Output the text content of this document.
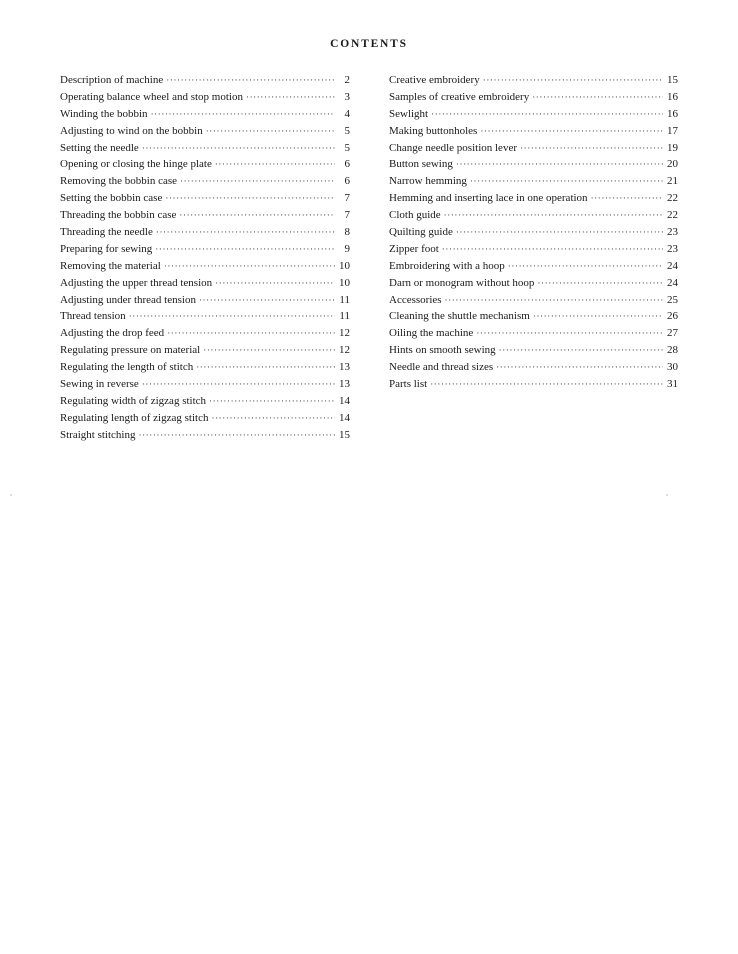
CONTENTS
Description of machine ·····	2
Operating balance wheel and stop motion ·····	3
Winding the bobbin ·····	4
Adjusting to wind on the bobbin ·····	5
Setting the needle ·····	5
Opening or closing the hinge plate ·····	6
Removing the bobbin case ·····	6
Setting the bobbin case ·····	7
Threading the bobbin case ·····	7
Threading the needle ·····	8
Preparing for sewing ·····	9
Removing the material ·····	10
Adjusting the upper thread tension ·····	10
Adjusting under thread tension ·····	11
Thread tension ·····	11
Adjusting the drop feed ·····	12
Regulating pressure on material ·····	12
Regulating the length of stitch ·····	13
Sewing in reverse ·····	13
Regulating width of zigzag stitch ·····	14
Regulating length of zigzag stitch ·····	14
Straight stitching ·····	15
Creative embroidery ·····	15
Samples of creative embroidery ·····	16
Sewlight ·····	16
Making buttonholes ·····	17
Change needle position lever ·····	19
Button sewing ·····	20
Narrow hemming ·····	21
Hemming and inserting lace in one operation ·····	22
Cloth guide ·····	22
Quilting guide ·····	23
Zipper foot ·····	23
Embroidering with a hoop ·····	24
Darn or monogram without hoop ·····	24
Accessories ·····	25
Cleaning the shuttle mechanism ·····	26
Oiling the machine ·····	27
Hints on smooth sewing ·····	28
Needle and thread sizes ·····	30
Parts list ·····	31
